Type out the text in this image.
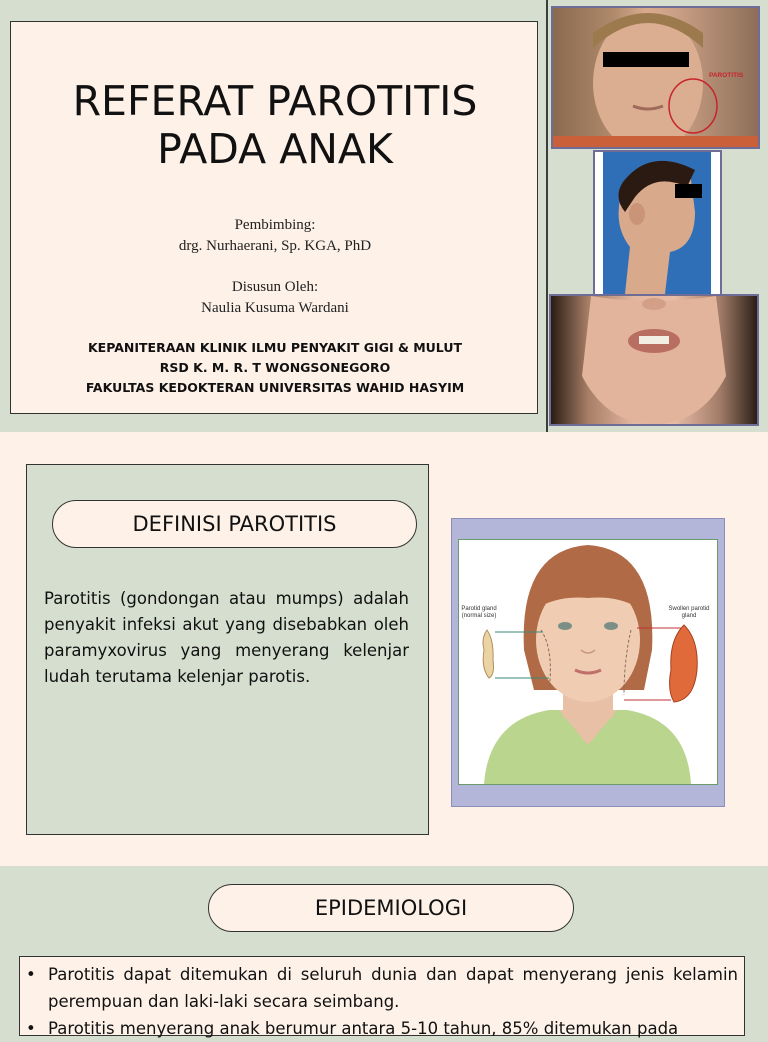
REFERAT PAROTITIS
PADA ANAK
Pembimbing:
drg. Nurhaerani, Sp. KGA, PhD
Disusun Oleh:
Naulia Kusuma Wardani
KEPANITERAAN KLINIK ILMU PENYAKIT GIGI & MULUT
RSD K. M. R. T WONGSONEGORO
FAKULTAS KEDOKTERAN UNIVERSITAS WAHID HASYIM
PAROTITIS
DEFINISI PAROTITIS
Parotitis (gondongan atau mumps) adalah penyakit infeksi akut yang disebabkan oleh paramyxovirus yang menyerang kelenjar ludah terutama kelenjar parotis.
Parotid gland (normal size)
Swollen parotid gland
EPIDEMIOLOGI
• Parotitis dapat ditemukan di seluruh dunia dan dapat menyerang jenis kelamin perempuan dan laki-laki secara seimbang.
• Parotitis menyerang anak berumur antara 5-10 tahun, 85% ditemukan pada
